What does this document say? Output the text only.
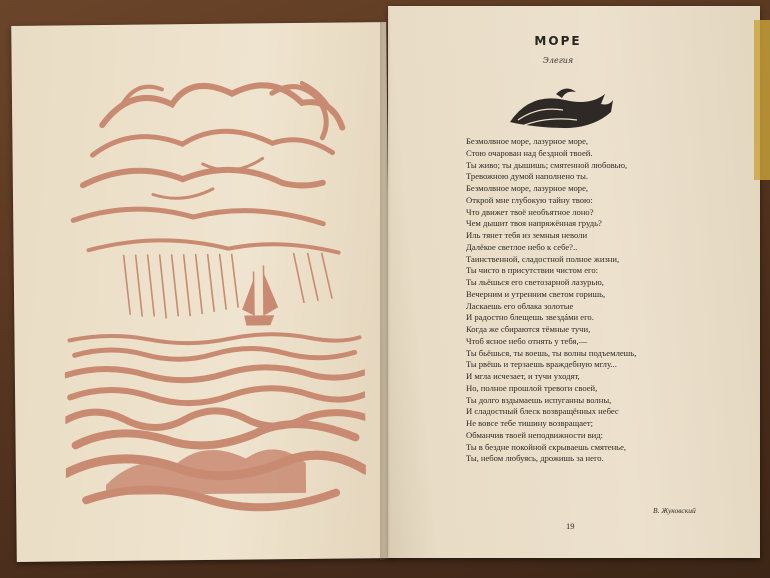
МОРЕ
Элегия
Безмолвное море, лазурное море,
Стою очарован над бездной твоей.
Ты живо; ты дышишь; смятенной любовью,
Тревожною думой наполнено ты.
Безмолвное море, лазурное море,
Открой мне глубокую тайну твою:
Что движет твоё необъятное лоно?
Чем дышит твоя напряжённая грудь?
Иль тянет тебя из земныя неволи
Далёкое светлое небо к себе?..
Таинственной, сладостной полное жизни,
Ты чисто в присутствии чистом его:
Ты льёшься его светозарной лазурью,
Вечерним и утренним светом горишь,
Ласкаешь его облака золотые
И радостно блещешь звездáми его.
Когда же сбираются тёмные тучи,
Чтоб ясное небо отнять у тебя,—
Ты бьёшься, ты воешь, ты волны подъемлешь,
Ты рвёшь и терзаешь враждебную мглу...
И мгла исчезает, и тучи уходят,
Но, полное прошлой тревоги своей,
Ты долго вздымаешь испуганны волны,
И сладостный блеск возвращённых небес
Не вовсе тебе тишину возвращает;
Обманчив твоей неподвижности вид:
Ты в бездне покойной скрываешь смятенье,
Ты, небом любуясь, дрожишь за него.
В. Жуковский
19
